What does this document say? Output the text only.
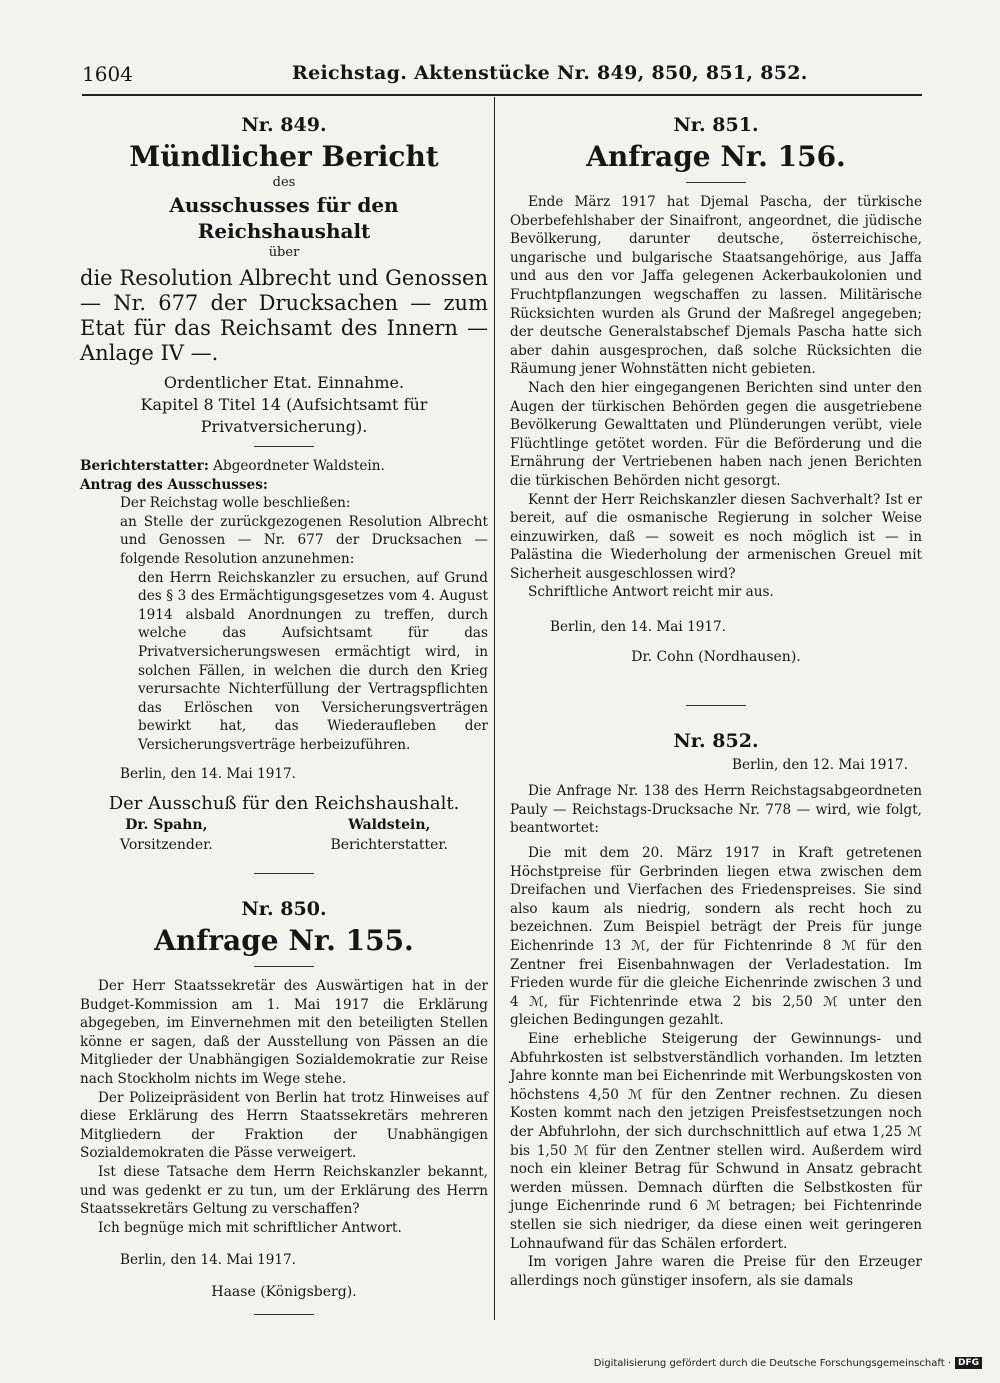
1604	Reichstag. Aktenstücke Nr. 849, 850, 851, 852.
Nr. 849.
Mündlicher Bericht
des
Ausschusses für den Reichshaushalt
über
die Resolution Albrecht und Genossen — Nr. 677 der Drucksachen — zum Etat für das Reichsamt des Innern — Anlage IV —.
Ordentlicher Etat. Einnahme.
Kapitel 8 Titel 14 (Aufsichtsamt für Privatversicherung).

Berichterstatter: Abgeordneter Waldstein.

Antrag des Ausschusses:

Der Reichstag wolle beschließen:

an Stelle der zurückgezogenen Resolution Albrecht und Genossen — Nr. 677 der Drucksachen — folgende Resolution anzunehmen:

den Herrn Reichskanzler zu ersuchen, auf Grund des § 3 des Ermächtigungsgesetzes vom 4. August 1914 alsbald Anordnungen zu treffen, durch welche das Aufsichtsamt für das Privatversicherungswesen ermächtigt wird, in solchen Fällen, in welchen die durch den Krieg verursachte Nichterfüllung der Vertragspflichten das Erlöschen von Versicherungsverträgen bewirkt hat, das Wiederaufleben der Versicherungsverträge herbeizuführen.

Berlin, den 14. Mai 1917.

Der Ausschuß für den Reichshaushalt.
Dr. Spahn,
Vorsitzender.
Waldstein,
Berichterstatter.
Nr. 850.
Anfrage Nr. 155.

Der Herr Staatssekretär des Auswärtigen hat in der Budget-Kommission am 1. Mai 1917 die Erklärung abgegeben, im Einvernehmen mit den beteiligten Stellen könne er sagen, daß der Ausstellung von Pässen an die Mitglieder der Unabhängigen Sozialdemokratie zur Reise nach Stockholm nichts im Wege stehe.

Der Polizeipräsident von Berlin hat trotz Hinweises auf diese Erklärung des Herrn Staatssekretärs mehreren Mitgliedern der Fraktion der Unabhängigen Sozialdemokraten die Pässe verweigert.

Ist diese Tatsache dem Herrn Reichskanzler bekannt, und was gedenkt er zu tun, um der Erklärung des Herrn Staatssekretärs Geltung zu verschaffen?

Ich begnüge mich mit schriftlicher Antwort.

Berlin, den 14. Mai 1917.

Haase (Königsberg).
Nr. 851.
Anfrage Nr. 156.

Ende März 1917 hat Djemal Pascha, der türkische Oberbefehlshaber der Sinaifront, angeordnet, die jüdische Bevölkerung, darunter deutsche, österreichische, ungarische und bulgarische Staatsangehörige, aus Jaffa und aus den vor Jaffa gelegenen Ackerbaukolonien und Fruchtpflanzungen wegschaffen zu lassen. Militärische Rücksichten wurden als Grund der Maßregel angegeben; der deutsche Generalstabschef Djemals Pascha hatte sich aber dahin ausgesprochen, daß solche Rücksichten die Räumung jener Wohnstätten nicht gebieten.

Nach den hier eingegangenen Berichten sind unter den Augen der türkischen Behörden gegen die ausgetriebene Bevölkerung Gewalttaten und Plünderungen verübt, viele Flüchtlinge getötet worden. Für die Beförderung und die Ernährung der Vertriebenen haben nach jenen Berichten die türkischen Behörden nicht gesorgt.

Kennt der Herr Reichskanzler diesen Sachverhalt? Ist er bereit, auf die osmanische Regierung in solcher Weise einzuwirken, daß — soweit es noch möglich ist — in Palästina die Wiederholung der armenischen Greuel mit Sicherheit ausgeschlossen wird?

Schriftliche Antwort reicht mir aus.

Berlin, den 14. Mai 1917.

Dr. Cohn (Nordhausen).
Nr. 852.

Berlin, den 12. Mai 1917.

Die Anfrage Nr. 138 des Herrn Reichstagsabgeordneten Pauly — Reichstags-Drucksache Nr. 778 — wird, wie folgt, beantwortet:

Die mit dem 20. März 1917 in Kraft getretenen Höchstpreise für Gerbrinden liegen etwa zwischen dem Dreifachen und Vierfachen des Friedenspreises. Sie sind also kaum als niedrig, sondern als recht hoch zu bezeichnen. Zum Beispiel beträgt der Preis für junge Eichenrinde 13 ℳ, der für Fichtenrinde 8 ℳ für den Zentner frei Eisenbahnwagen der Verladestation. Im Frieden wurde für die gleiche Eichenrinde zwischen 3 und 4 ℳ, für Fichtenrinde etwa 2 bis 2,50 ℳ unter den gleichen Bedingungen gezahlt.

Eine erhebliche Steigerung der Gewinnungs- und Abfuhrkosten ist selbstverständlich vorhanden. Im letzten Jahre konnte man bei Eichenrinde mit Werbungskosten von höchstens 4,50 ℳ für den Zentner rechnen. Zu diesen Kosten kommt nach den jetzigen Preisfestsetzungen noch der Abfuhrlohn, der sich durchschnittlich auf etwa 1,25 ℳ bis 1,50 ℳ für den Zentner stellen wird. Außerdem wird noch ein kleiner Betrag für Schwund in Ansatz gebracht werden müssen. Demnach dürften die Selbstkosten für junge Eichenrinde rund 6 ℳ betragen; bei Fichtenrinde stellen sie sich niedriger, da diese einen weit geringeren Lohnaufwand für das Schälen erfordert.

Im vorigen Jahre waren die Preise für den Erzeuger allerdings noch günstiger insofern, als sie damals

Digitalisierung gefördert durch die Deutsche Forschungsgemeinschaft · DFG
